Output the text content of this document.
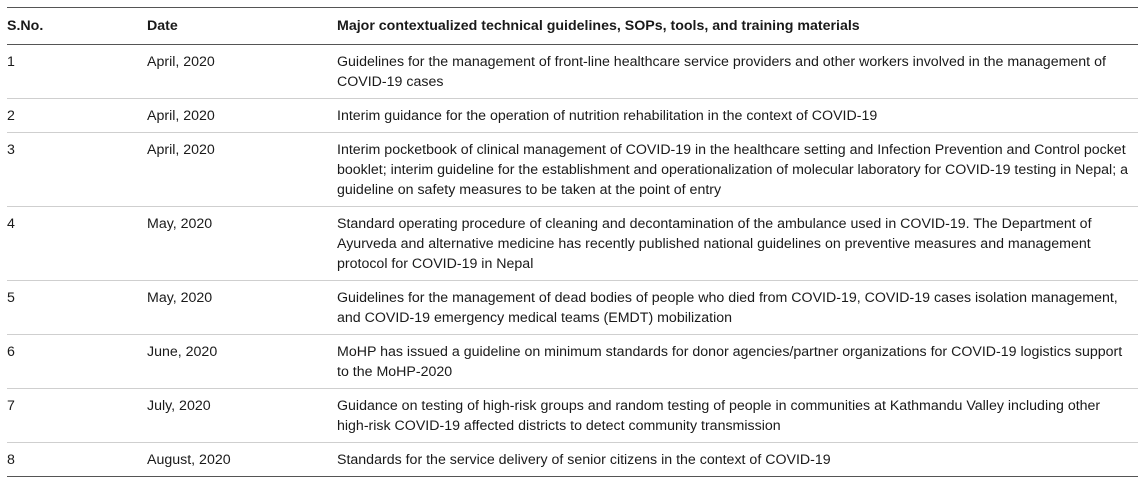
S.No.	Date	Major contextualized technical guidelines, SOPs, tools, and training materials
1	April, 2020	Guidelines for the management of front-line healthcare service providers and other workers involved in the management of COVID-19 cases
2	April, 2020	Interim guidance for the operation of nutrition rehabilitation in the context of COVID-19
3	April, 2020	Interim pocketbook of clinical management of COVID-19 in the healthcare setting and Infection Prevention and Control pocket booklet; interim guideline for the establishment and operationalization of molecular laboratory for COVID-19 testing in Nepal; a guideline on safety measures to be taken at the point of entry
4	May, 2020	Standard operating procedure of cleaning and decontamination of the ambulance used in COVID-19. The Department of Ayurveda and alternative medicine has recently published national guidelines on preventive measures and management protocol for COVID-19 in Nepal
5	May, 2020	Guidelines for the management of dead bodies of people who died from COVID-19, COVID-19 cases isolation management, and COVID-19 emergency medical teams (EMDT) mobilization
6	June, 2020	MoHP has issued a guideline on minimum standards for donor agencies/partner organizations for COVID-19 logistics support to the MoHP-2020
7	July, 2020	Guidance on testing of high-risk groups and random testing of people in communities at Kathmandu Valley including other high-risk COVID-19 affected districts to detect community transmission
8	August, 2020	Standards for the service delivery of senior citizens in the context of COVID-19
